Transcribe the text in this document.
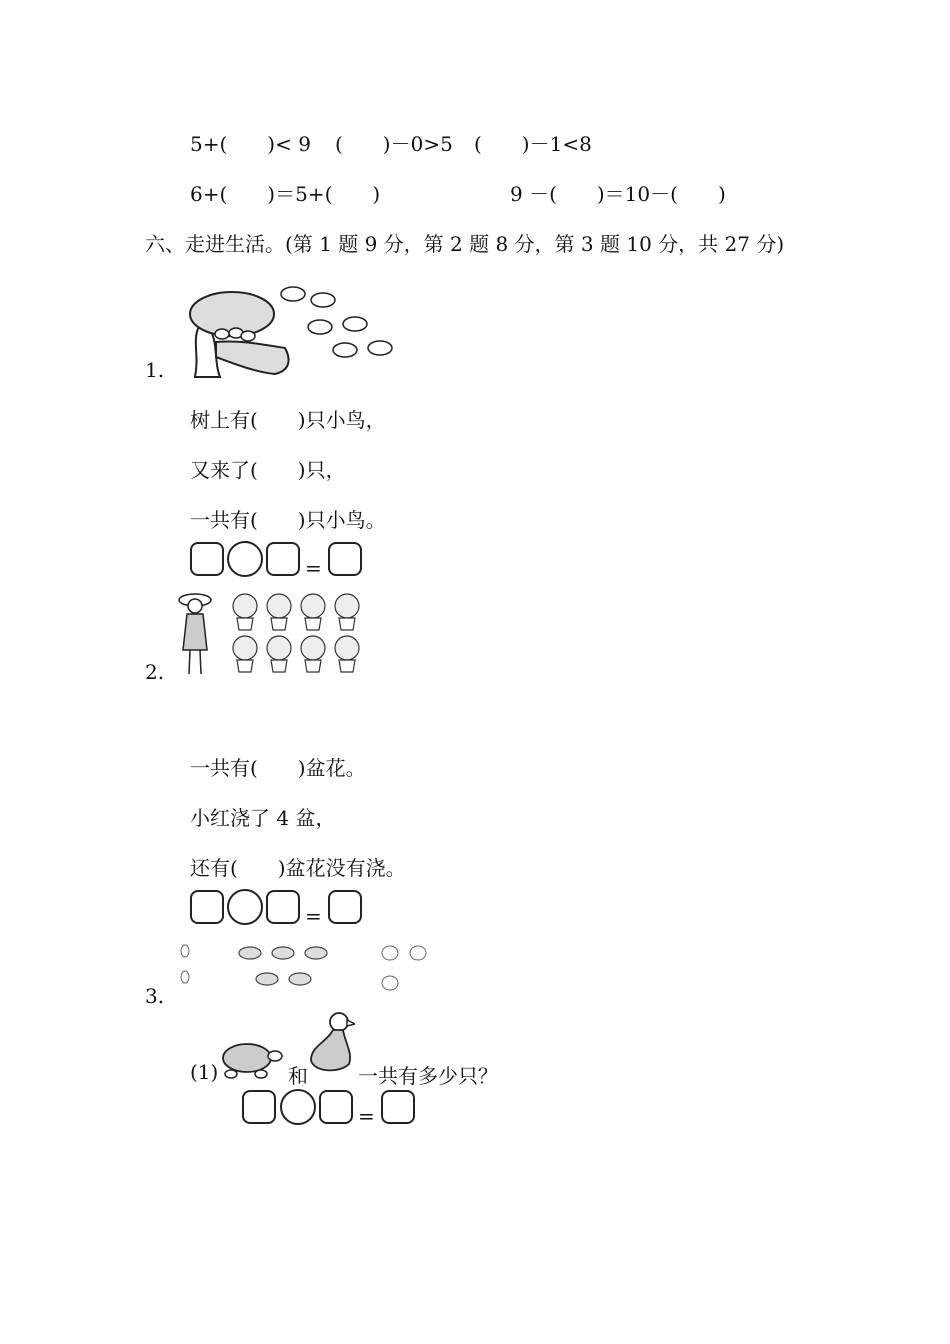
5+(　　)< 9 (　　)－0>5 (　　)－1<8
6+(　　)＝5+(　　)	9 －(　　)＝10－(　　)
六、走进生活。(第 1 题 9 分，第 2 题 8 分，第 3 题 10 分，共 27 分)
1.
树上有(　　)只小鸟，
又来了(　　)只，
一共有(　　)只小鸟。
=
2.
一共有(　　)盆花。
小红浇了 4 盆，
还有(　　)盆花没有浇。
=
3.
(1)	和	一共有多少只？
=
